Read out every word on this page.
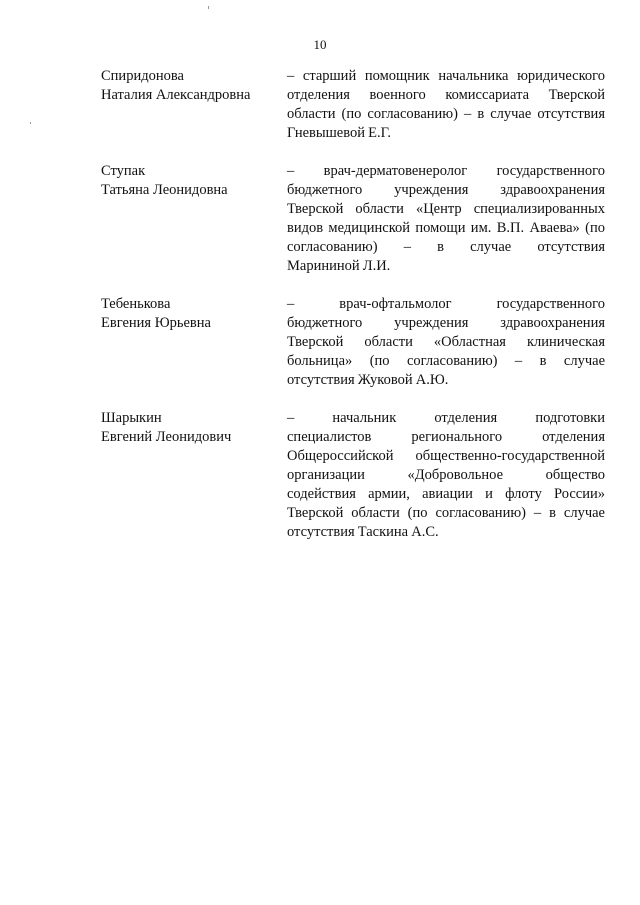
10
Спиридонова
Наталия Александровна
– старший помощник начальника юридического
отделения военного комиссариата Тверской
области (по согласованию) – в случае отсутствия
Гневышевой Е.Г.
Ступак
Татьяна Леонидовна
– врач-дерматовенеролог государственного
бюджетного учреждения здравоохранения
Тверской области «Центр специализированных
видов медицинской помощи им. В.П. Аваева» (по
согласованию) – в случае отсутствия
Марининой Л.И.
Тебенькова
Евгения Юрьевна
– врач-офтальмолог государственного
бюджетного учреждения здравоохранения
Тверской области «Областная клиническая
больница» (по согласованию) – в случае
отсутствия Жуковой А.Ю.
Шарыкин
Евгений Леонидович
– начальник отделения подготовки
специалистов регионального отделения
Общероссийской общественно-государственной
организации «Добровольное общество
содействия армии, авиации и флоту России»
Тверской области (по согласованию) – в случае
отсутствия Таскина А.С.
